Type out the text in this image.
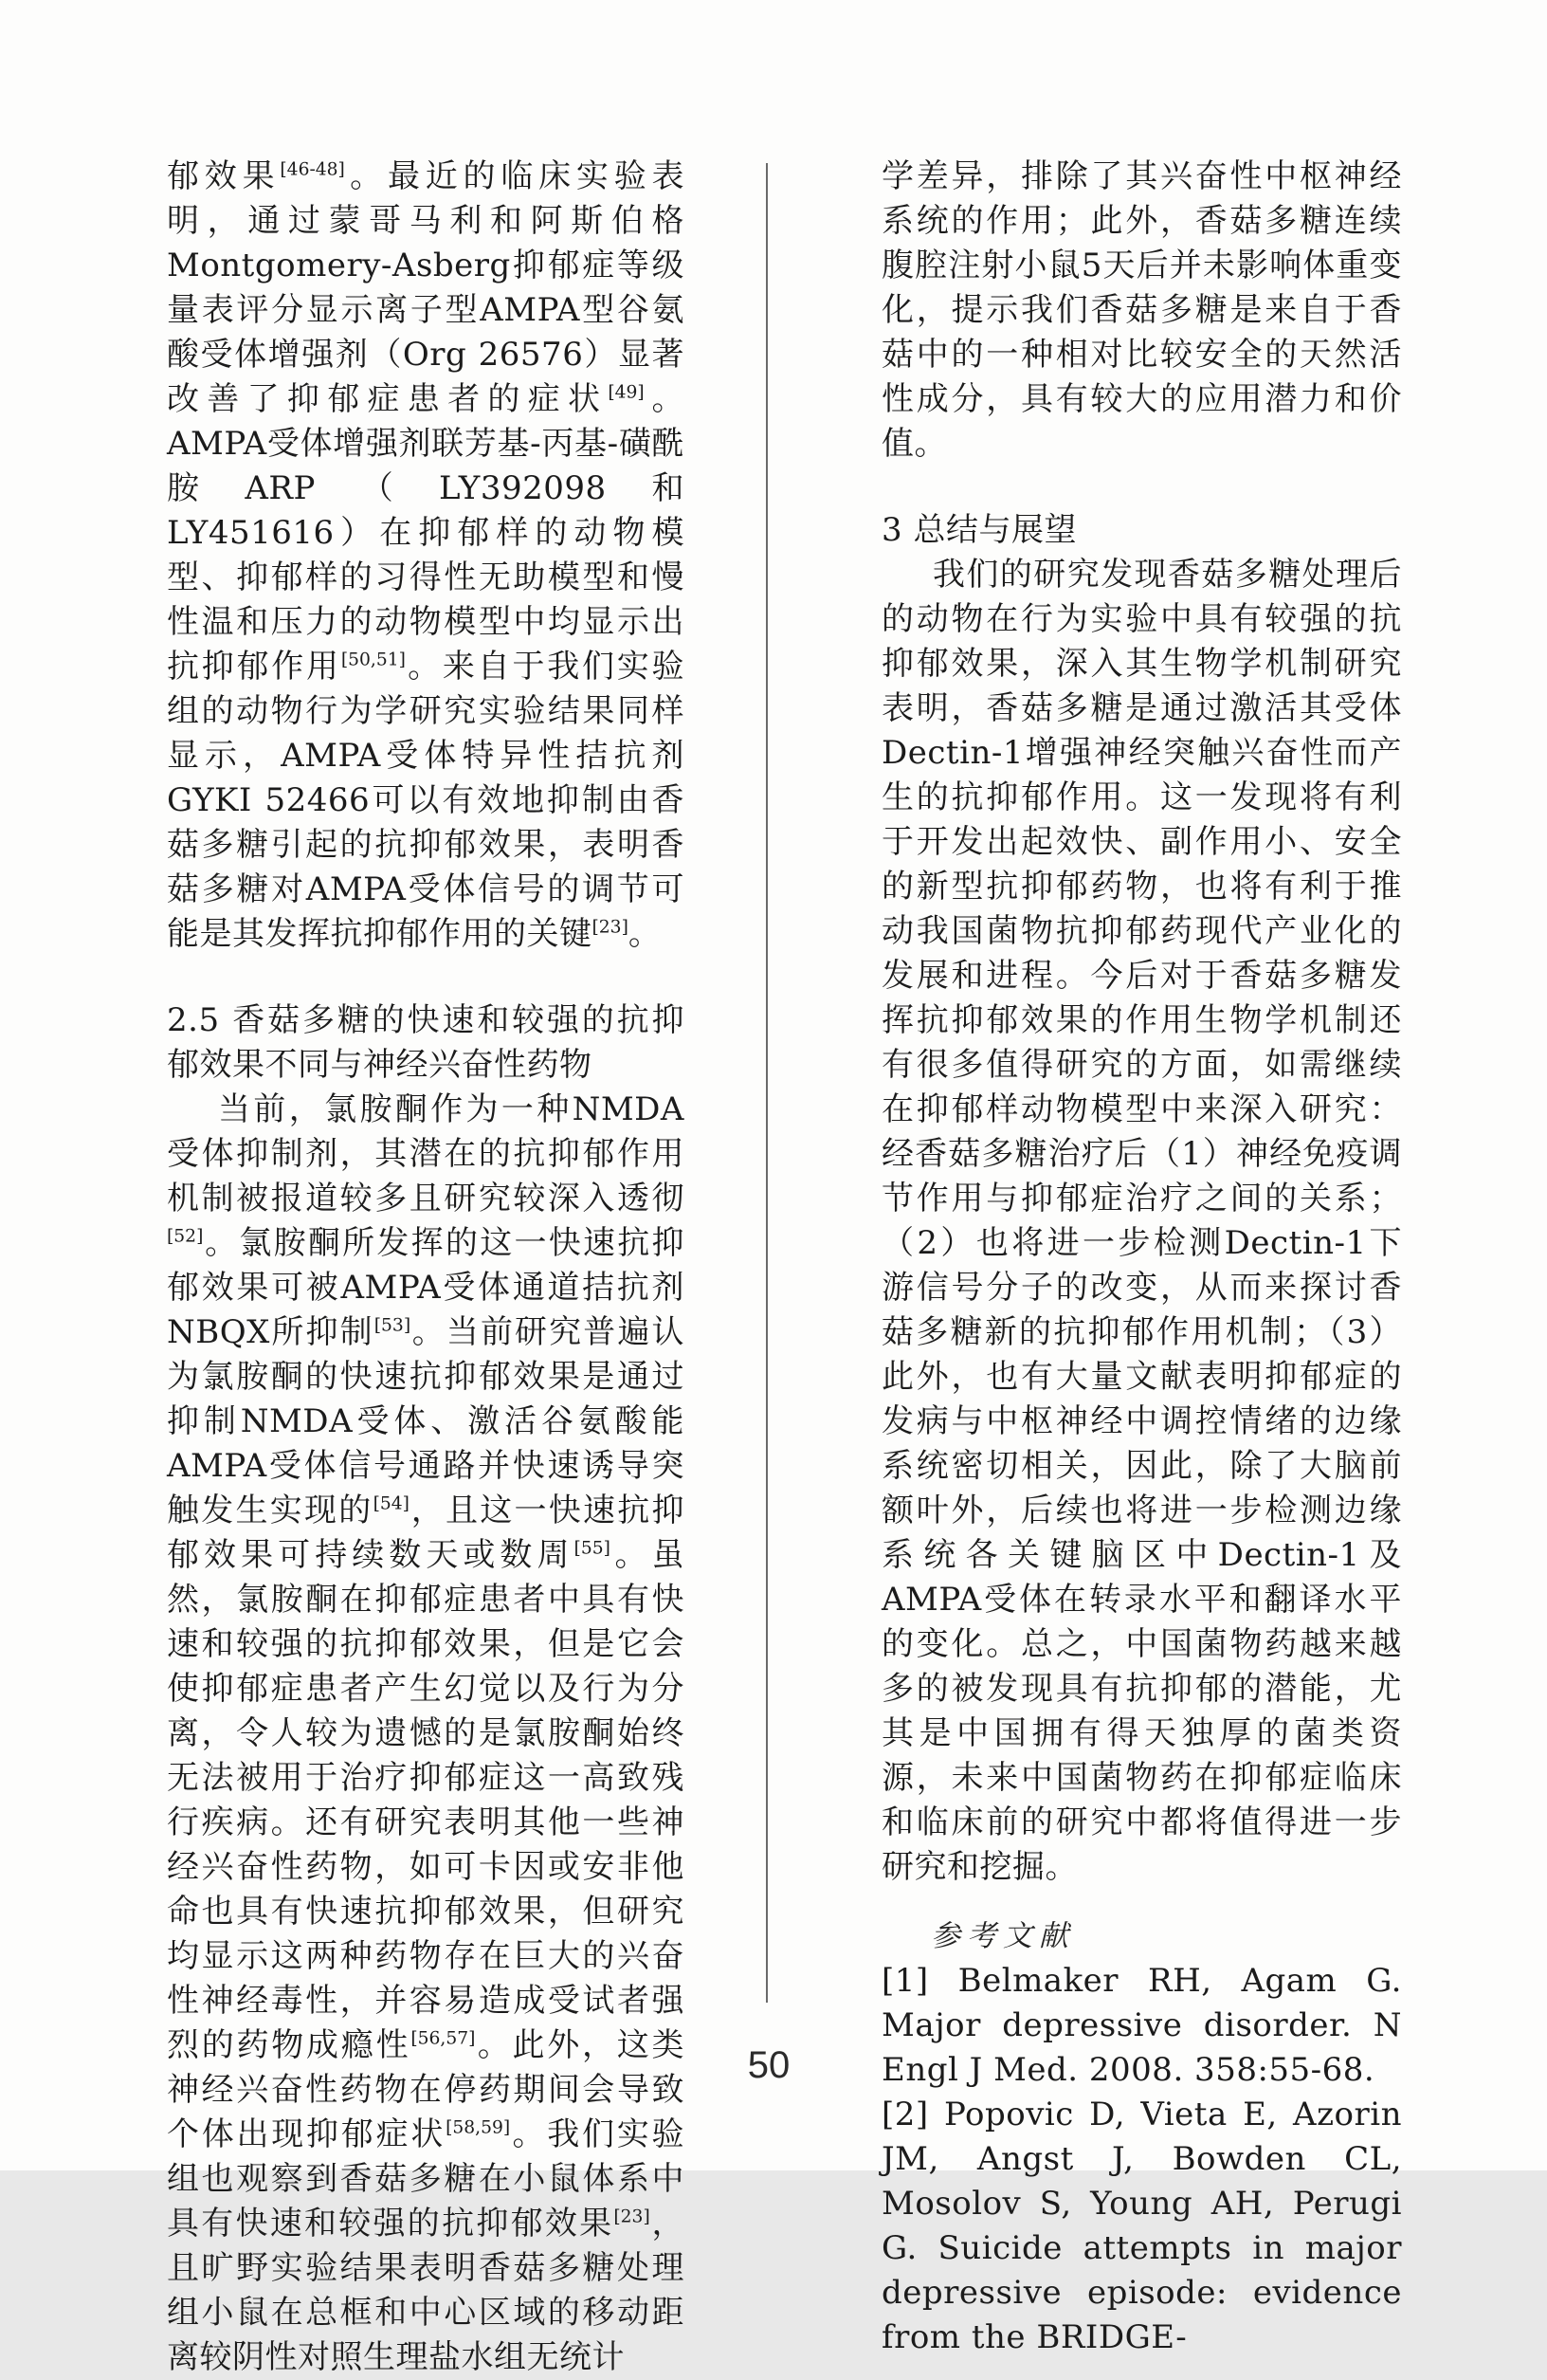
郁效果[46-48]。最近的临床实验表明，通过蒙哥马利和阿斯伯格Montgomery-Asberg抑郁症等级量表评分显示离子型AMPA型谷氨酸受体增强剂（Org 26576）显著改善了抑郁症患者的症状[49]。AMPA受体增强剂联芳基-丙基-磺酰胺ARP（LY392098和LY451616）在抑郁样的动物模型、抑郁样的习得性无助模型和慢性温和压力的动物模型中均显示出抗抑郁作用[50,51]。来自于我们实验组的动物行为学研究实验结果同样显示，AMPA受体特异性拮抗剂GYKI 52466可以有效地抑制由香菇多糖引起的抗抑郁效果，表明香菇多糖对AMPA受体信号的调节可能是其发挥抗抑郁作用的关键[23]。

2.5 香菇多糖的快速和较强的抗抑郁效果不同与神经兴奋性药物

当前，氯胺酮作为一种NMDA受体抑制剂，其潜在的抗抑郁作用机制被报道较多且研究较深入透彻[52]。氯胺酮所发挥的这一快速抗抑郁效果可被AMPA受体通道拮抗剂NBQX所抑制[53]。当前研究普遍认为氯胺酮的快速抗抑郁效果是通过抑制NMDA受体、激活谷氨酸能AMPA受体信号通路并快速诱导突触发生实现的[54]，且这一快速抗抑郁效果可持续数天或数周[55]。虽然，氯胺酮在抑郁症患者中具有快速和较强的抗抑郁效果，但是它会使抑郁症患者产生幻觉以及行为分离，令人较为遗憾的是氯胺酮始终无法被用于治疗抑郁症这一高致残行疾病。还有研究表明其他一些神经兴奋性药物，如可卡因或安非他命也具有快速抗抑郁效果，但研究均显示这两种药物存在巨大的兴奋性神经毒性，并容易造成受试者强烈的药物成瘾性[56,57]。此外，这类神经兴奋性药物在停药期间会导致个体出现抑郁症状[58,59]。我们实验组也观察到香菇多糖在小鼠体系中具有快速和较强的抗抑郁效果[23]，且旷野实验结果表明香菇多糖处理组小鼠在总框和中心区域的移动距离较阴性对照生理盐水组无统计

学差异，排除了其兴奋性中枢神经系统的作用；此外，香菇多糖连续腹腔注射小鼠5天后并未影响体重变化，提示我们香菇多糖是来自于香菇中的一种相对比较安全的天然活性成分，具有较大的应用潜力和价值。

3 总结与展望

我们的研究发现香菇多糖处理后的动物在行为实验中具有较强的抗抑郁效果，深入其生物学机制研究表明，香菇多糖是通过激活其受体Dectin-1增强神经突触兴奋性而产生的抗抑郁作用。这一发现将有利于开发出起效快、副作用小、安全的新型抗抑郁药物，也将有利于推动我国菌物抗抑郁药现代产业化的发展和进程。今后对于香菇多糖发挥抗抑郁效果的作用生物学机制还有很多值得研究的方面，如需继续在抑郁样动物模型中来深入研究：经香菇多糖治疗后（1）神经免疫调节作用与抑郁症治疗之间的关系；（2）也将进一步检测Dectin-1下游信号分子的改变，从而来探讨香菇多糖新的抗抑郁作用机制；（3）此外，也有大量文献表明抑郁症的发病与中枢神经中调控情绪的边缘系统密切相关，因此，除了大脑前额叶外，后续也将进一步检测边缘系统各关键脑区中Dectin-1及AMPA受体在转录水平和翻译水平的变化。总之，中国菌物药越来越多的被发现具有抗抑郁的潜能，尤其是中国拥有得天独厚的菌类资源，未来中国菌物药在抑郁症临床和临床前的研究中都将值得进一步研究和挖掘。

参考文献
[1] Belmaker RH, Agam G. Major depressive disorder. N Engl J Med. 2008. 358:55-68.
[2] Popovic D, Vieta E, Azorin JM, Angst J, Bowden CL, Mosolov S, Young AH, Perugi G. Suicide attempts in major depressive episode: evidence from the BRIDGE-
50
